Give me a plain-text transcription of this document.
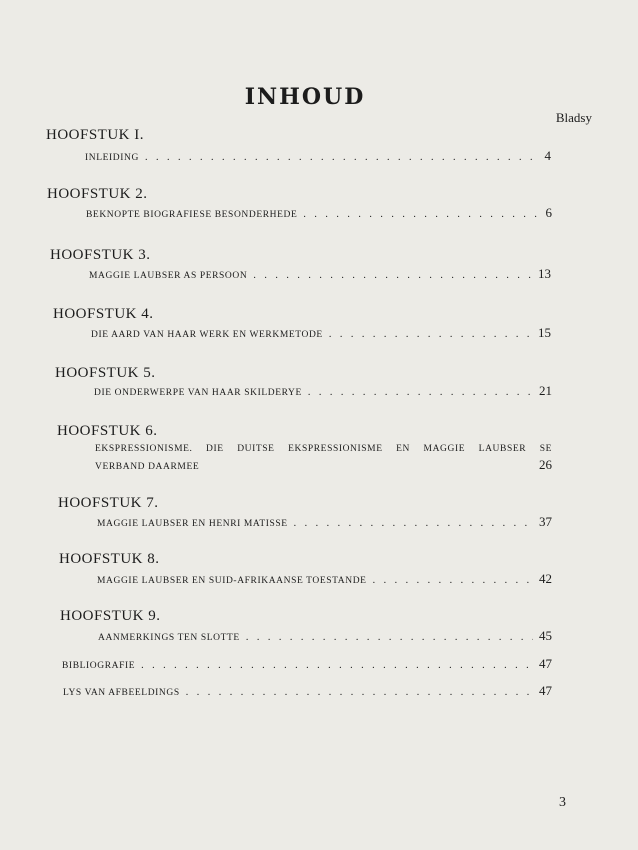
INHOUD
Bladsy
HOOFSTUK I.
INLEIDING . . .	4
HOOFSTUK 2.
BEKNOPTE BIOGRAFIESE BESONDERHEDE . . .	6
HOOFSTUK 3.
MAGGIE LAUBSER AS PERSOON . . .	13
HOOFSTUK 4.
DIE AARD VAN HAAR WERK EN WERKMETODE . . .	15
HOOFSTUK 5.
DIE ONDERWERPE VAN HAAR SKILDERYE . . .	21
HOOFSTUK 6.
EKSPRESSIONISME. DIE DUITSE EKSPRESSIONISME EN MAGGIE LAUBSER SE
VERBAND DAARMEE	26
HOOFSTUK 7.
MAGGIE LAUBSER EN HENRI MATISSE . . .	37
HOOFSTUK 8.
MAGGIE LAUBSER EN SUID-AFRIKAANSE TOESTANDE . . .	42
HOOFSTUK 9.
AANMERKINGS TEN SLOTTE . . .	45
BIBLIOGRAFIE . . .	47
LYS VAN AFBEELDINGS . . .	47
3
